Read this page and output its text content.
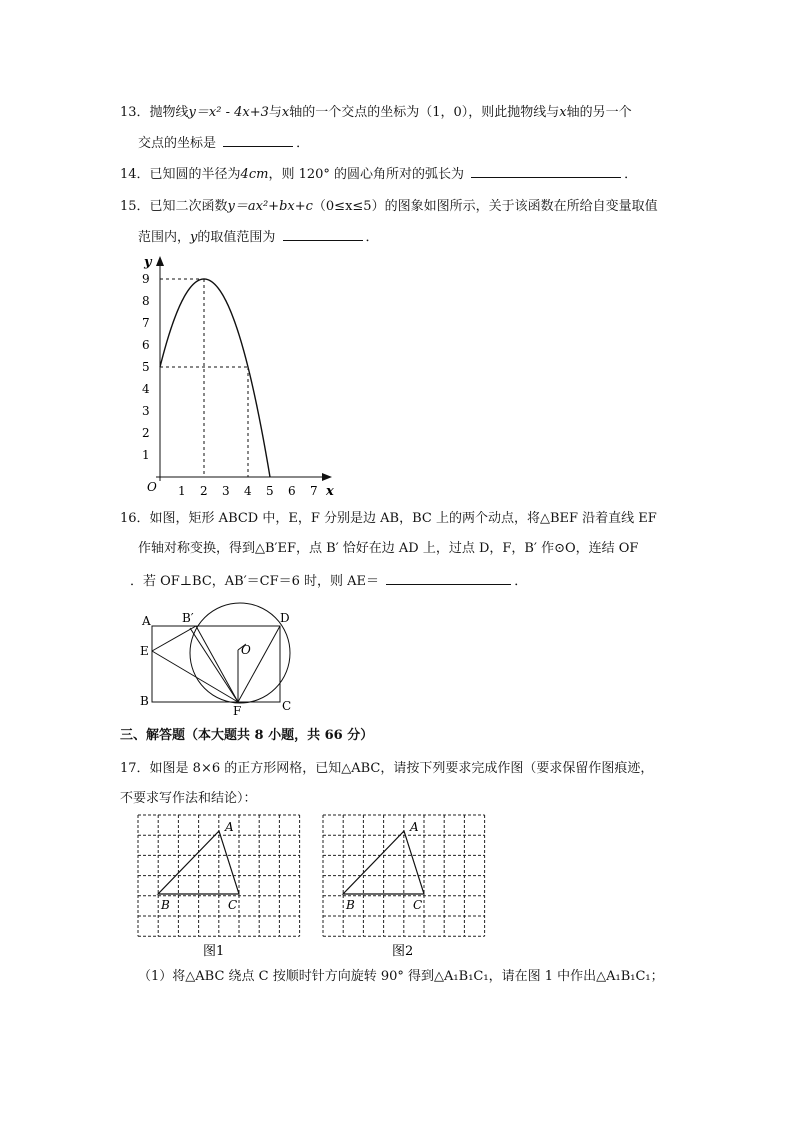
13．抛物线y＝x² - 4x+3与x轴的一个交点的坐标为（1，0），则此抛物线与x轴的另一个
交点的坐标是	．
14．已知圆的半径为4cm，则 120° 的圆心角所对的弧长为	．
15．已知二次函数y＝ax²+bx+c（0≤x≤5）的图象如图所示，关于该函数在所给自变量取值
范围内，y的取值范围为	．
y
x
O 1 2 3 4 5 6 7
1
2
3
4
5
6
7
8
9
16．如图，矩形 ABCD 中，E，F 分别是边 AB，BC 上的两个动点，将△BEF 沿着直线 EF
作轴对称变换，得到△B′EF，点 B′ 恰好在边 AD 上，过点 D，F，B′ 作⊙O，连结 OF
．若 OF⊥BC，AB′＝CF＝6 时，则 AE＝	．
A	B′	D
E	O
B
F	C
三、解答题（本大题共 8 小题，共 66 分）
17．如图是 8×6 的正方形网格，已知△ABC，请按下列要求完成作图（要求保留作图痕迹，
不要求写作法和结论）：
A
B	C
图1
A
B	C
图2
（1）将△ABC 绕点 C 按顺时针方向旋转 90° 得到△A₁B₁C₁，请在图 1 中作出△A₁B₁C₁；
